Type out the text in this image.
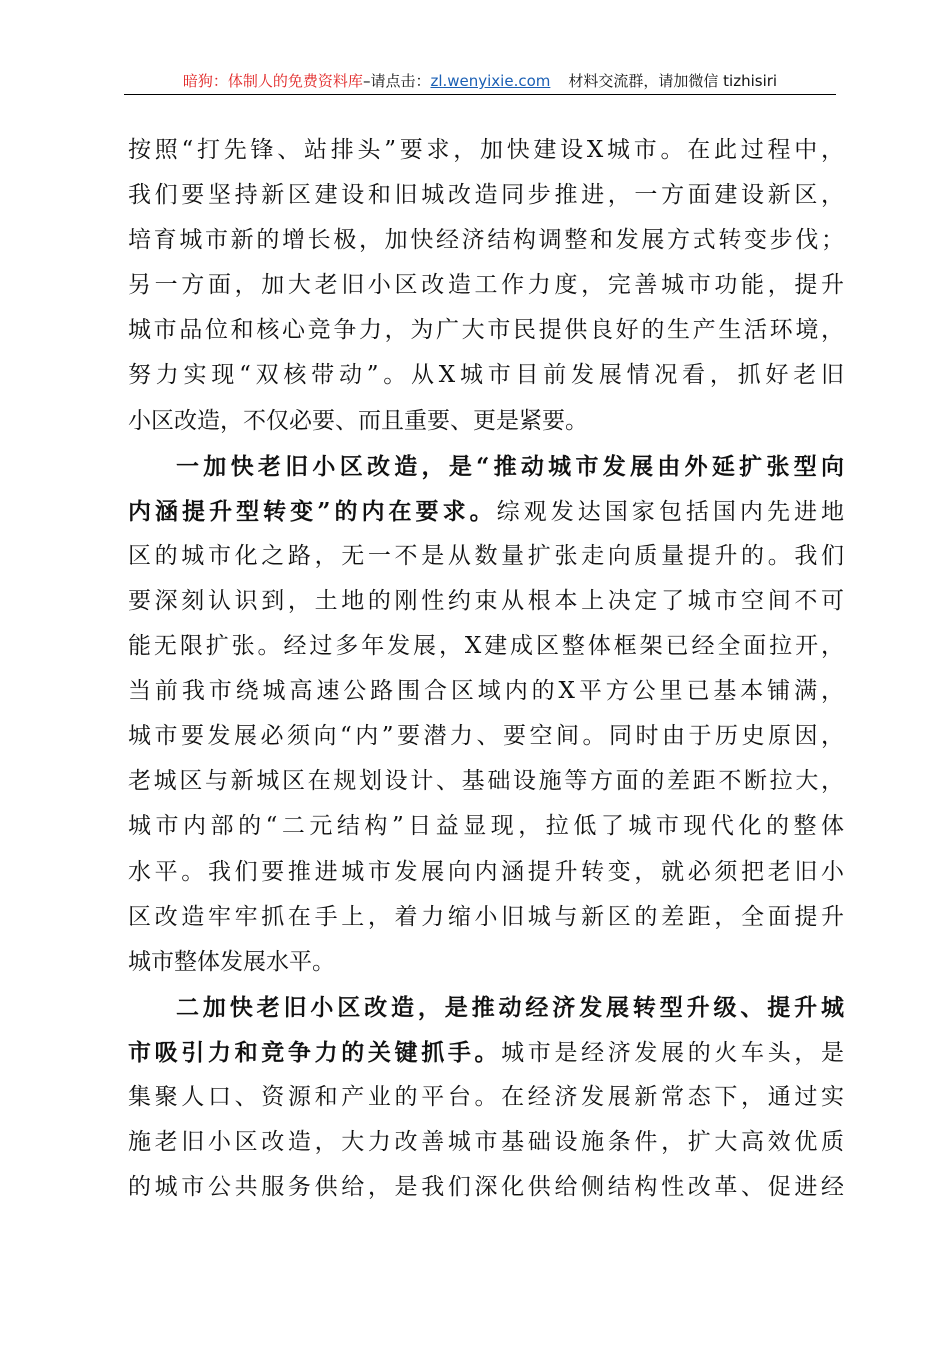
暗狗：体制人的免费资料库–请点击：zl.wenyixie.com 材料交流群，请加微信 tizhisiri
按照“打先锋、站排头”要求，加快建设X城市。在此过程中，
我们要坚持新区建设和旧城改造同步推进，一方面建设新区，
培育城市新的增长极，加快经济结构调整和发展方式转变步伐；
另一方面，加大老旧小区改造工作力度，完善城市功能，提升
城市品位和核心竞争力，为广大市民提供良好的生产生活环境，
努力实现“双核带动”。从X城市目前发展情况看，抓好老旧
小区改造，不仅必要、而且重要、更是紧要。
一加快老旧小区改造，是“推动城市发展由外延扩张型向
内涵提升型转变”的内在要求。综观发达国家包括国内先进地
区的城市化之路，无一不是从数量扩张走向质量提升的。我们
要深刻认识到，土地的刚性约束从根本上决定了城市空间不可
能无限扩张。经过多年发展，X建成区整体框架已经全面拉开，
当前我市绕城高速公路围合区域内的X平方公里已基本铺满，
城市要发展必须向“内”要潜力、要空间。同时由于历史原因，
老城区与新城区在规划设计、基础设施等方面的差距不断拉大，
城市内部的“二元结构”日益显现，拉低了城市现代化的整体
水平。我们要推进城市发展向内涵提升转变，就必须把老旧小
区改造牢牢抓在手上，着力缩小旧城与新区的差距，全面提升
城市整体发展水平。
二加快老旧小区改造，是推动经济发展转型升级、提升城
市吸引力和竞争力的关键抓手。城市是经济发展的火车头，是
集聚人口、资源和产业的平台。在经济发展新常态下，通过实
施老旧小区改造，大力改善城市基础设施条件，扩大高效优质
的城市公共服务供给，是我们深化供给侧结构性改革、促进经
